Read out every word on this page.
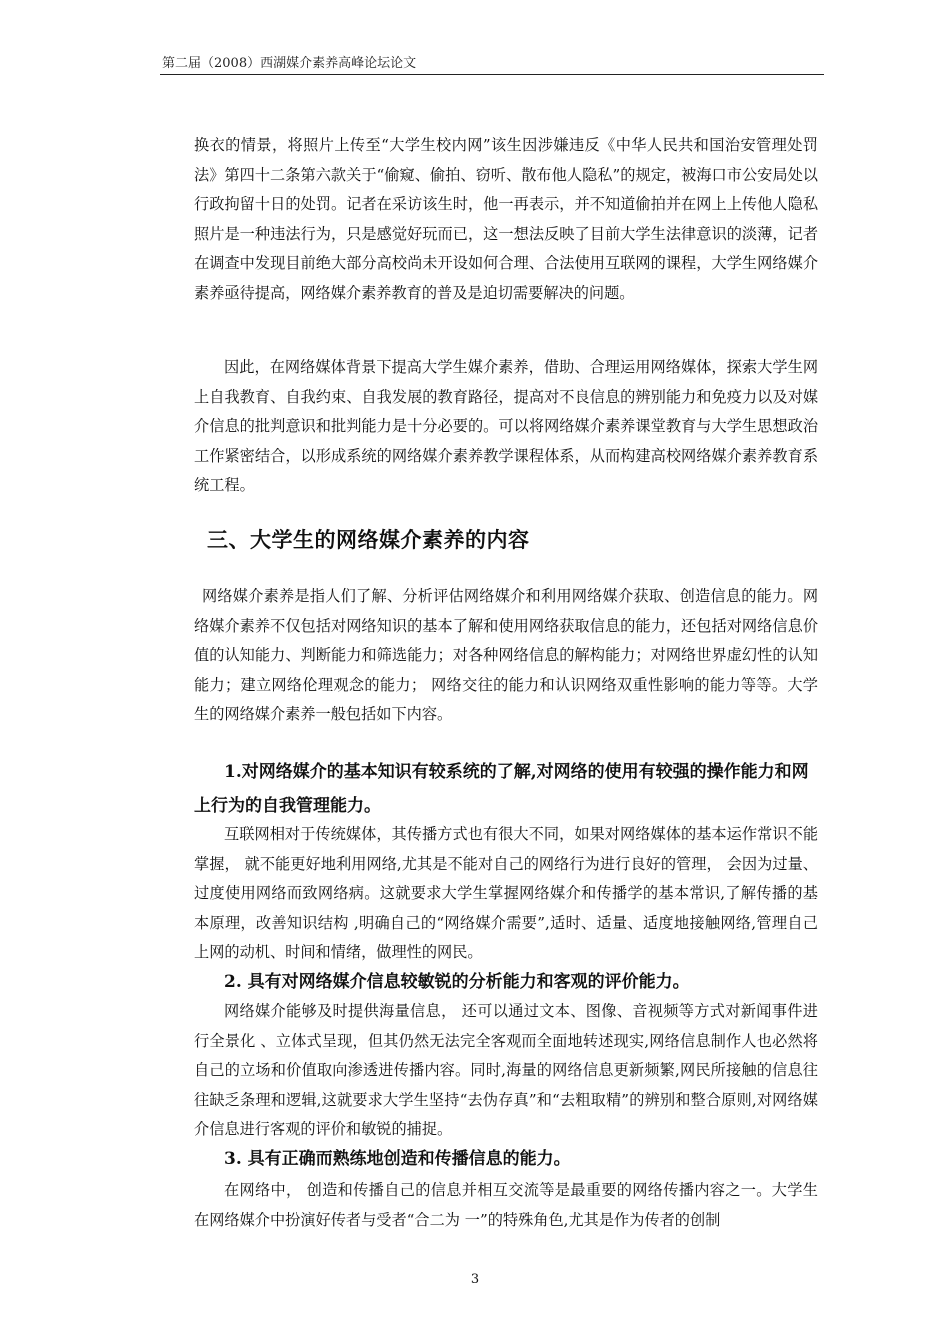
第二届（2008）西湖媒介素养高峰论坛论文

换衣的情景，将照片上传至“大学生校内网”该生因涉嫌违反《中华人民共和国治安管理处罚法》第四十二条第六款关于“偷窥、偷拍、窃听、散布他人隐私”的规定，被海口市公安局处以行政拘留十日的处罚。记者在采访该生时，他一再表示，并不知道偷拍并在网上上传他人隐私照片是一种违法行为，只是感觉好玩而已，这一想法反映了目前大学生法律意识的淡薄，记者在调查中发现目前绝大部分高校尚未开设如何合理、合法使用互联网的课程，大学生网络媒介素养亟待提高，网络媒介素养教育的普及是迫切需要解决的问题。

因此，在网络媒体背景下提高大学生媒介素养，借助、合理运用网络媒体，探索大学生网上自我教育、自我约束、自我发展的教育路径，提高对不良信息的辨别能力和免疫力以及对媒介信息的批判意识和批判能力是十分必要的。可以将网络媒介素养课堂教育与大学生思想政治工作紧密结合，以形成系统的网络媒介素养教学课程体系，从而构建高校网络媒介素养教育系统工程。

三、大学生的网络媒介素养的内容

网络媒介素养是指人们了解、分析评估网络媒介和利用网络媒介获取、创造信息的能力。网络媒介素养不仅包括对网络知识的基本了解和使用网络获取信息的能力，还包括对网络信息价值的认知能力、判断能力和筛选能力；对各种网络信息的解构能力；对网络世界虚幻性的认知能力；建立网络伦理观念的能力； 网络交往的能力和认识网络双重性影响的能力等等。大学生的网络媒介素养一般包括如下内容。

1.对网络媒介的基本知识有较系统的了解,对网络的使用有较强的操作能力和网上行为的自我管理能力。

互联网相对于传统媒体，其传播方式也有很大不同，如果对网络媒体的基本运作常识不能掌握， 就不能更好地利用网络,尤其是不能对自己的网络行为进行良好的管理， 会因为过量、过度使用网络而致网络病。这就要求大学生掌握网络媒介和传播学的基本常识,了解传播的基本原理，改善知识结构 ,明确自己的“网络媒介需要”,适时、适量、适度地接触网络,管理自己上网的动机、时间和情绪，做理性的网民。

2. 具有对网络媒介信息较敏锐的分析能力和客观的评价能力。

网络媒介能够及时提供海量信息， 还可以通过文本、图像、音视频等方式对新闻事件进行全景化 、立体式呈现，但其仍然无法完全客观而全面地转述现实,网络信息制作人也必然将自己的立场和价值取向渗透进传播内容。同时,海量的网络信息更新频繁,网民所接触的信息往往缺乏条理和逻辑,这就要求大学生坚持“去伪存真”和“去粗取精”的辨别和整合原则,对网络媒介信息进行客观的评价和敏锐的捕捉。

3. 具有正确而熟练地创造和传播信息的能力。

在网络中， 创造和传播自己的信息并相互交流等是最重要的网络传播内容之一。大学生在网络媒介中扮演好传者与受者“合二为 一”的特殊角色,尤其是作为传者的创制

3
